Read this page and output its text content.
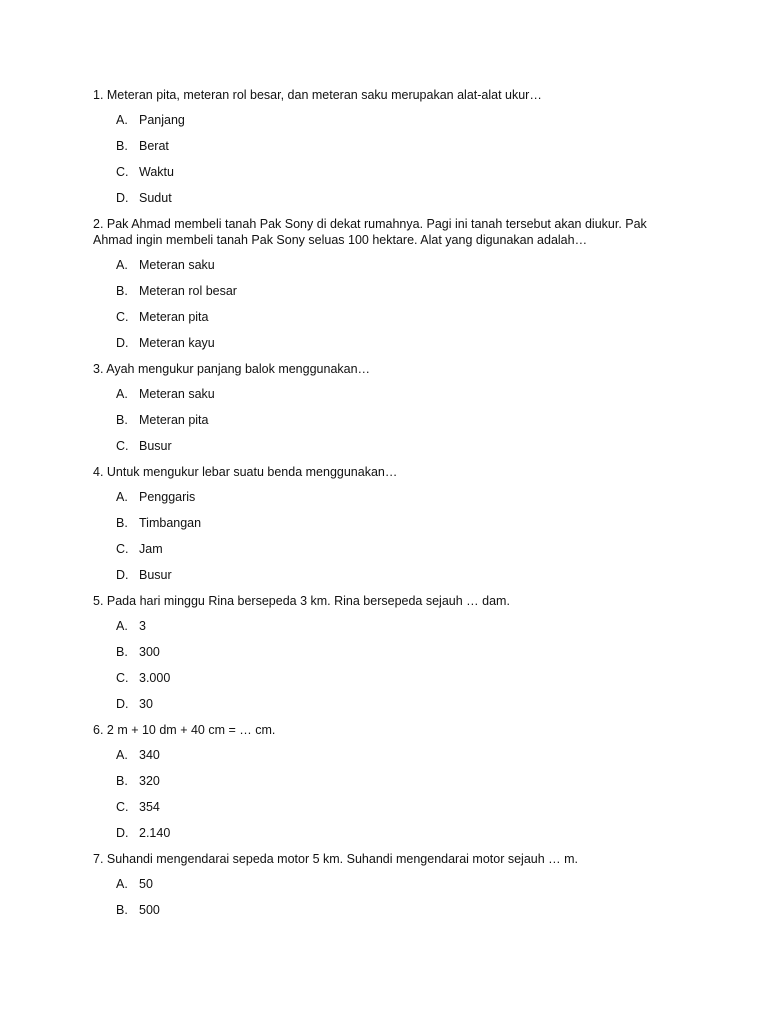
1. Meteran pita, meteran rol besar, dan meteran saku merupakan alat-alat ukur…

A. Panjang
B. Berat
C. Waktu
D. Sudut

2. Pak Ahmad membeli tanah Pak Sony di dekat rumahnya. Pagi ini tanah tersebut akan diukur. Pak Ahmad ingin membeli tanah Pak Sony seluas 100 hektare. Alat yang digunakan adalah…

A. Meteran saku
B. Meteran rol besar
C. Meteran pita
D. Meteran kayu

3. Ayah mengukur panjang balok menggunakan…

A. Meteran saku
B. Meteran pita
C. Busur

4. Untuk mengukur lebar suatu benda menggunakan…

A. Penggaris
B. Timbangan
C. Jam
D. Busur

5. Pada hari minggu Rina bersepeda 3 km. Rina bersepeda sejauh … dam.

A. 3
B. 300
C. 3.000
D. 30

6. 2 m + 10 dm + 40 cm = … cm.

A. 340
B. 320
C. 354
D. 2.140

7. Suhandi mengendarai sepeda motor 5 km. Suhandi mengendarai motor sejauh … m.

A. 50
B. 500
